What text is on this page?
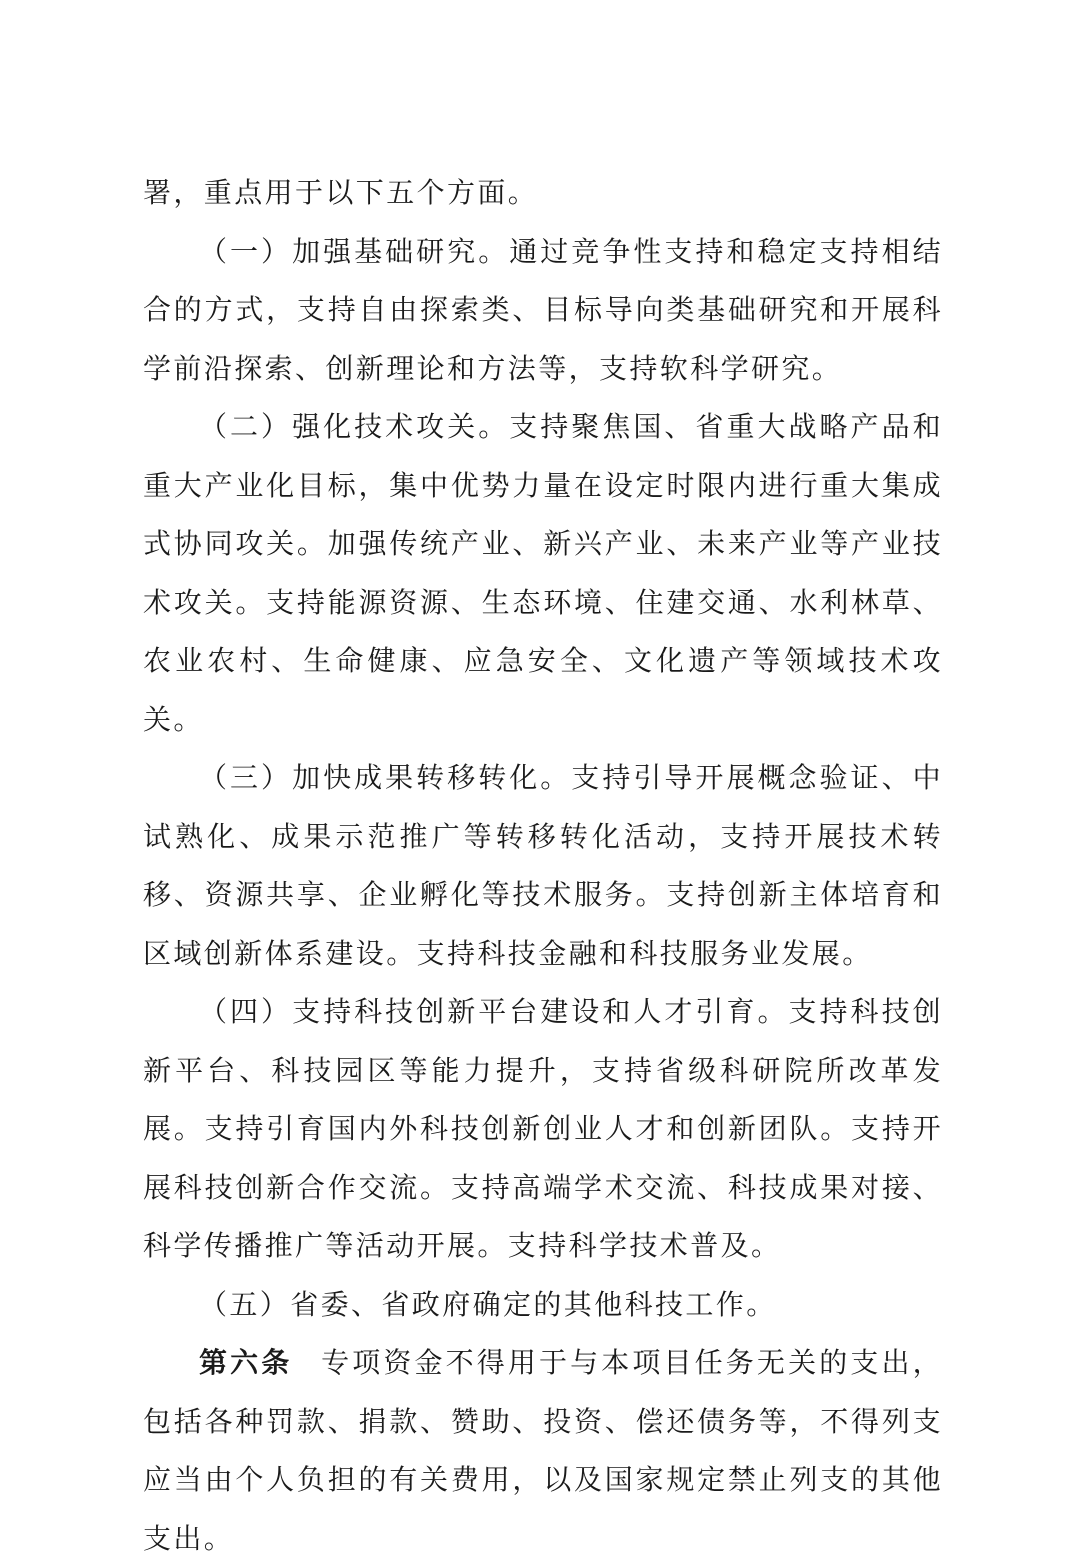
署，重点用于以下五个方面。

（一）加强基础研究。通过竞争性支持和稳定支持相结合的方式，支持自由探索类、目标导向类基础研究和开展科学前沿探索、创新理论和方法等，支持软科学研究。

（二）强化技术攻关。支持聚焦国、省重大战略产品和重大产业化目标，集中优势力量在设定时限内进行重大集成式协同攻关。加强传统产业、新兴产业、未来产业等产业技术攻关。支持能源资源、生态环境、住建交通、水利林草、农业农村、生命健康、应急安全、文化遗产等领域技术攻关。

（三）加快成果转移转化。支持引导开展概念验证、中试熟化、成果示范推广等转移转化活动，支持开展技术转移、资源共享、企业孵化等技术服务。支持创新主体培育和区域创新体系建设。支持科技金融和科技服务业发展。

（四）支持科技创新平台建设和人才引育。支持科技创新平台、科技园区等能力提升，支持省级科研院所改革发展。支持引育国内外科技创新创业人才和创新团队。支持开展科技创新合作交流。支持高端学术交流、科技成果对接、科学传播推广等活动开展。支持科学技术普及。

（五）省委、省政府确定的其他科技工作。

第六条 专项资金不得用于与本项目任务无关的支出，包括各种罚款、捐款、赞助、投资、偿还债务等，不得列支应当由个人负担的有关费用，以及国家规定禁止列支的其他支出。
